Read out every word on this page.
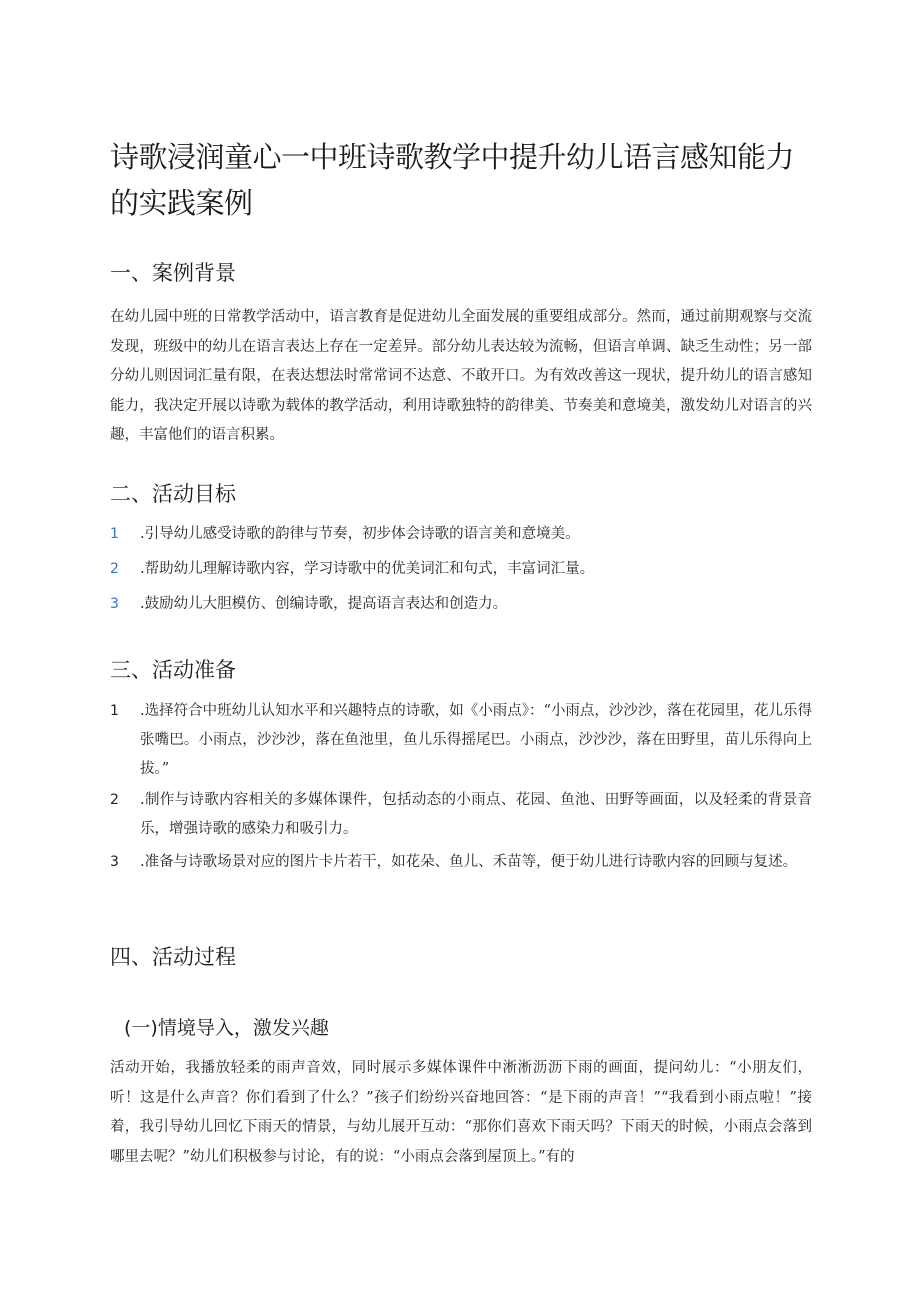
诗歌浸润童心一中班诗歌教学中提升幼儿语言感知能力的实践案例
一、案例背景

在幼儿园中班的日常教学活动中，语言教育是促进幼儿全面发展的重要组成部分。然而，通过前期观察与交流发现，班级中的幼儿在语言表达上存在一定差异。部分幼儿表达较为流畅，但语言单调、缺乏生动性；另一部分幼儿则因词汇量有限，在表达想法时常常词不达意、不敢开口。为有效改善这一现状，提升幼儿的语言感知能力，我决定开展以诗歌为载体的教学活动，利用诗歌独特的韵律美、节奏美和意境美，激发幼儿对语言的兴趣，丰富他们的语言积累。

二、活动目标
1	.引导幼儿感受诗歌的韵律与节奏，初步体会诗歌的语言美和意境美。
2	.帮助幼儿理解诗歌内容，学习诗歌中的优美词汇和句式，丰富词汇量。
3	.鼓励幼儿大胆模仿、创编诗歌，提高语言表达和创造力。
三、活动准备
1	.选择符合中班幼儿认知水平和兴趣特点的诗歌，如《小雨点》：“小雨点，沙沙沙，落在花园里，花儿乐得张嘴巴。小雨点，沙沙沙，落在鱼池里，鱼儿乐得摇尾巴。小雨点，沙沙沙，落在田野里，苗儿乐得向上拔。”
2	.制作与诗歌内容相关的多媒体课件，包括动态的小雨点、花园、鱼池、田野等画面，以及轻柔的背景音乐，增强诗歌的感染力和吸引力。
3	.准备与诗歌场景对应的图片卡片若干，如花朵、鱼儿、禾苗等，便于幼儿进行诗歌内容的回顾与复述。
四、活动过程
(一)情境导入，激发兴趣

活动开始，我播放轻柔的雨声音效，同时展示多媒体课件中淅淅沥沥下雨的画面，提问幼儿：“小朋友们，听！这是什么声音？你们看到了什么？”孩子们纷纷兴奋地回答：“是下雨的声音！”“我看到小雨点啦！”接着，我引导幼儿回忆下雨天的情景，与幼儿展开互动：“那你们喜欢下雨天吗？下雨天的时候，小雨点会落到哪里去呢？”幼儿们积极参与讨论，有的说：“小雨点会落到屋顶上。”有的
